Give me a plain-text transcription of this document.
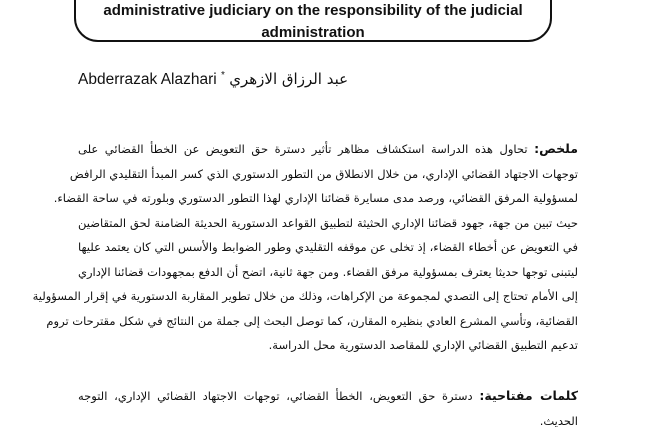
administrative judiciary on the responsibility of the judicial
administration
Abderrazak Alazhari * عبد الرزاق الازهري
ملخص: تحاول هذه الدراسة استكشاف مظاهر تأثير دسترة حق التعويض عن الخطأ القضائي على
توجهات الاجتهاد القضائي الإداري، من خلال الانطلاق من التطور الدستوري الذي كسر المبدأ التقليدي الرافض
لمسؤولية المرفق القضائي، ورصد مدى مسايرة قضائنا الإداري لهذا التطور الدستوري وبلورته في ساحة القضاء.
حيث تبين من جهة، جهود قضائنا الإداري الحثيثة لتطبيق القواعد الدستورية الحديثة الضامنة لحق المتقاضين
في التعويض عن أخطاء القضاء، إذ تخلى عن موقفه التقليدي وطور الضوابط والأسس التي كان يعتمد عليها
ليتبنى توجها حديثا يعترف بمسؤولية مرفق القضاء. ومن جهة ثانية، اتضح أن الدفع بمجهودات قضائنا الإداري
إلى الأمام تحتاج إلى التصدي لمجموعة من الإكراهات، وذلك من خلال تطوير المقاربة الدستورية في إقرار المسؤولية
القضائية، وتأسي المشرع العادي بنظيره المقارن، كما توصل البحث إلى جملة من النتائج في شكل مقترحات تروم
تدعيم التطبيق القضائي الإداري للمقاصد الدستورية محل الدراسة.
كلمات مفتاحية: دسترة حق التعويض، الخطأ القضائي، توجهات الاجتهاد القضائي الإداري، التوجه
الحديث.
